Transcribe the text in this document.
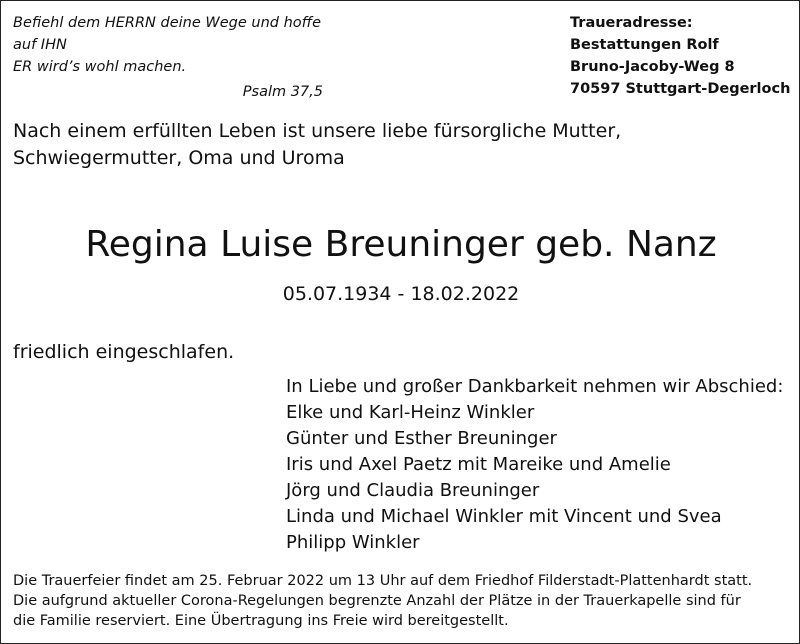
Befiehl dem HERRN deine Wege und hoffe
auf IHN
ER wird’s wohl machen.
Psalm 37,5
Traueradresse:
Bestattungen Rolf
Bruno-Jacoby-Weg 8
70597 Stuttgart-Degerloch
Nach einem erfüllten Leben ist unsere liebe fürsorgliche Mutter,
Schwiegermutter, Oma und Uroma
Regina Luise Breuninger geb. Nanz
05.07.1934 - 18.02.2022
friedlich eingeschlafen.
In Liebe und großer Dankbarkeit nehmen wir Abschied:
Elke und Karl-Heinz Winkler
Günter und Esther Breuninger
Iris und Axel Paetz mit Mareike und Amelie
Jörg und Claudia Breuninger
Linda und Michael Winkler mit Vincent und Svea
Philipp Winkler
Die Trauerfeier findet am 25. Februar 2022 um 13 Uhr auf dem Friedhof Filderstadt-Plattenhardt statt.
Die aufgrund aktueller Corona-Regelungen begrenzte Anzahl der Plätze in der Trauerkapelle sind für
die Familie reserviert. Eine Übertragung ins Freie wird bereitgestellt.
